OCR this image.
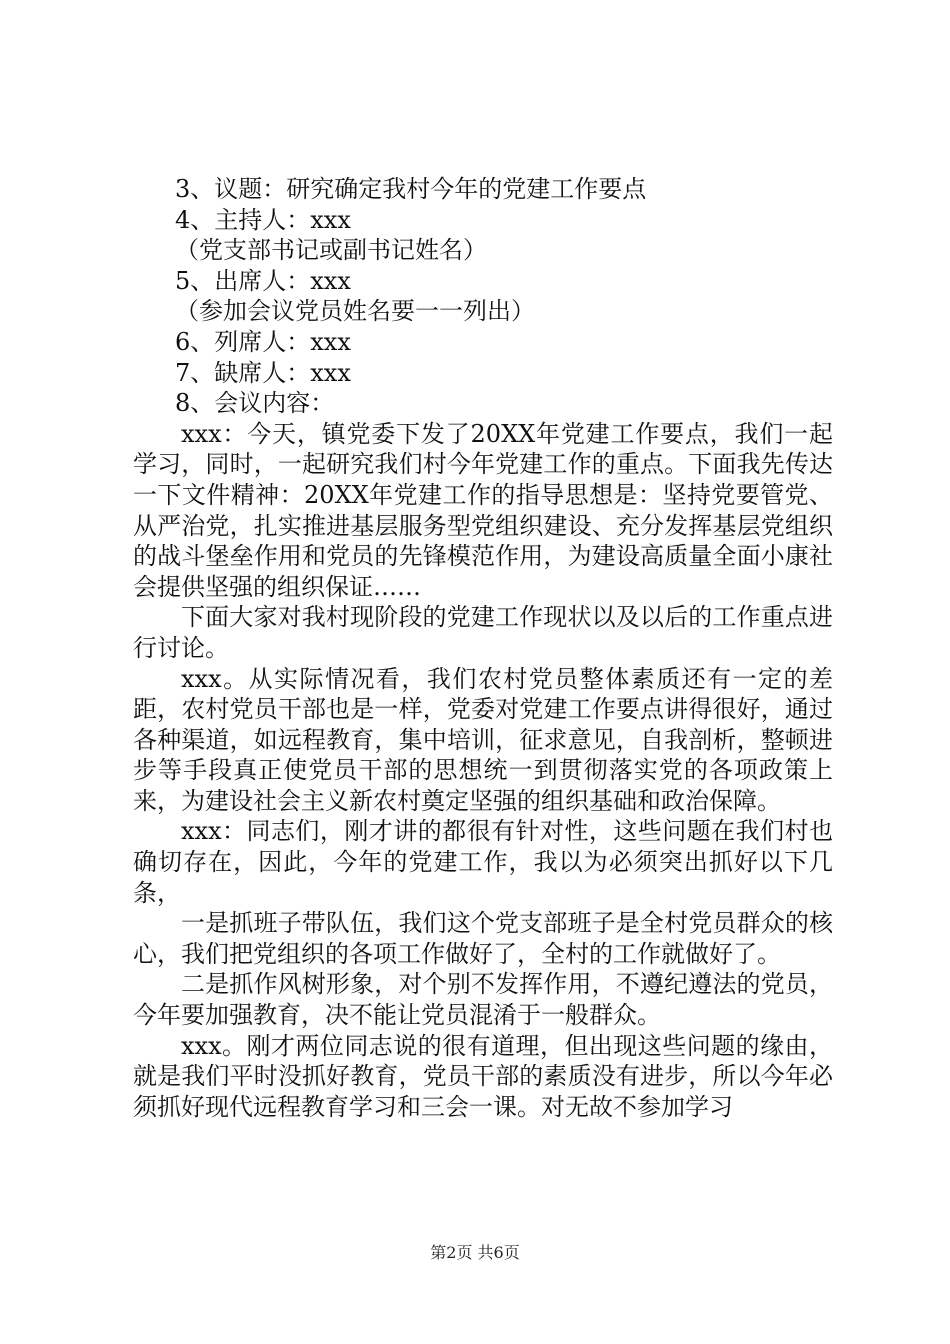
3、议题：研究确定我村今年的党建工作要点
4、主持人：xxx
（党支部书记或副书记姓名）
5、出席人：xxx
（参加会议党员姓名要一一列出）
6、列席人：xxx
7、缺席人：xxx
8、会议内容：

xxx：今天，镇党委下发了20XX年党建工作要点，我们一起学习，同时，一起研究我们村今年党建工作的重点。下面我先传达一下文件精神：20XX年党建工作的指导思想是：坚持党要管党、从严治党，扎实推进基层服务型党组织建设、充分发挥基层党组织的战斗堡垒作用和党员的先锋模范作用，为建设高质量全面小康社会提供坚强的组织保证……

下面大家对我村现阶段的党建工作现状以及以后的工作重点进行讨论。

xxx。从实际情况看，我们农村党员整体素质还有一定的差距，农村党员干部也是一样，党委对党建工作要点讲得很好，通过各种渠道，如远程教育，集中培训，征求意见，自我剖析，整顿进步等手段真正使党员干部的思想统一到贯彻落实党的各项政策上来，为建设社会主义新农村奠定坚强的组织基础和政治保障。

xxx：同志们，刚才讲的都很有针对性，这些问题在我们村也确切存在，因此，今年的党建工作，我以为必须突出抓好以下几条，

一是抓班子带队伍，我们这个党支部班子是全村党员群众的核心，我们把党组织的各项工作做好了，全村的工作就做好了。

二是抓作风树形象，对个别不发挥作用，不遵纪遵法的党员，今年要加强教育，决不能让党员混淆于一般群众。

xxx。刚才两位同志说的很有道理，但出现这些问题的缘由，就是我们平时没抓好教育，党员干部的素质没有进步，所以今年必须抓好现代远程教育学习和三会一课。对无故不参加学习

第2页 共6页
